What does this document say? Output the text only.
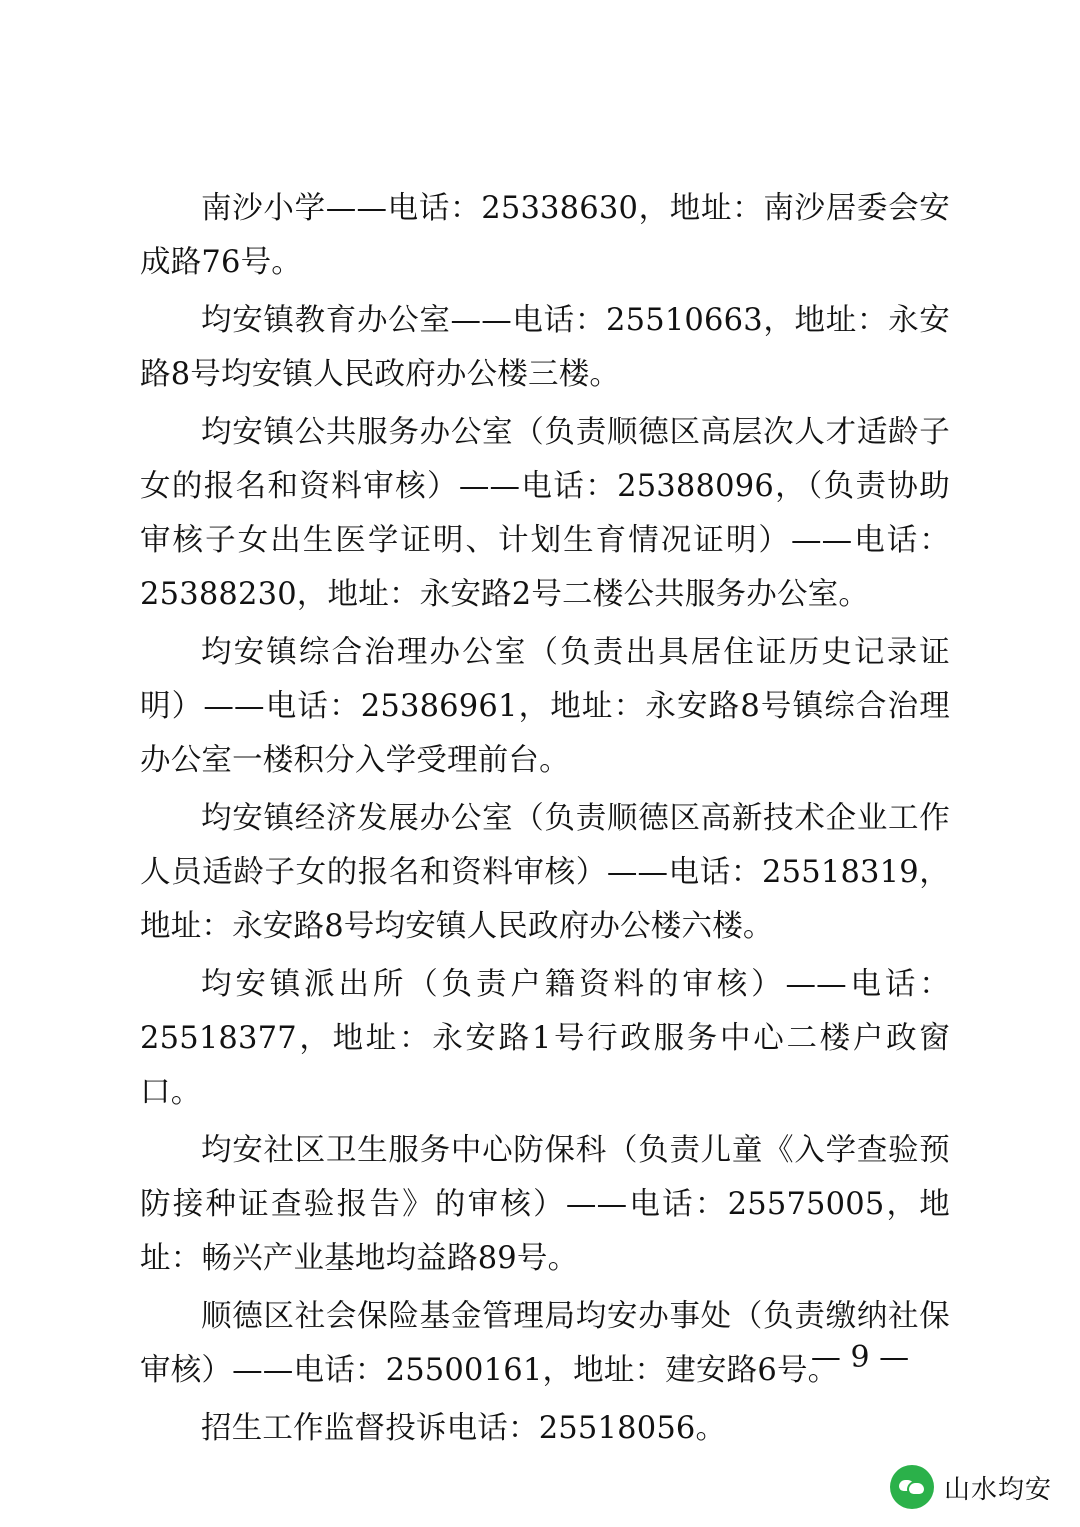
南沙小学——电话：25338630，地址：南沙居委会安成路76号。

均安镇教育办公室——电话：25510663，地址：永安路8号均安镇人民政府办公楼三楼。

均安镇公共服务办公室（负责顺德区高层次人才适龄子女的报名和资料审核）——电话：25388096，（负责协助审核子女出生医学证明、计划生育情况证明）——电话：25388230，地址：永安路2号二楼公共服务办公室。

均安镇综合治理办公室（负责出具居住证历史记录证明）——电话：25386961，地址：永安路8号镇综合治理办公室一楼积分入学受理前台。

均安镇经济发展办公室（负责顺德区高新技术企业工作人员适龄子女的报名和资料审核）——电话：25518319，地址：永安路8号均安镇人民政府办公楼六楼。

均安镇派出所（负责户籍资料的审核）——电话：25518377，地址：永安路1号行政服务中心二楼户政窗口。

均安社区卫生服务中心防保科（负责儿童《入学查验预防接种证查验报告》的审核）——电话：25575005，地址：畅兴产业基地均益路89号。

顺德区社会保险基金管理局均安办事处（负责缴纳社保审核）——电话：25500161，地址：建安路6号。

招生工作监督投诉电话：25518056。

— 9 —
山水均安
